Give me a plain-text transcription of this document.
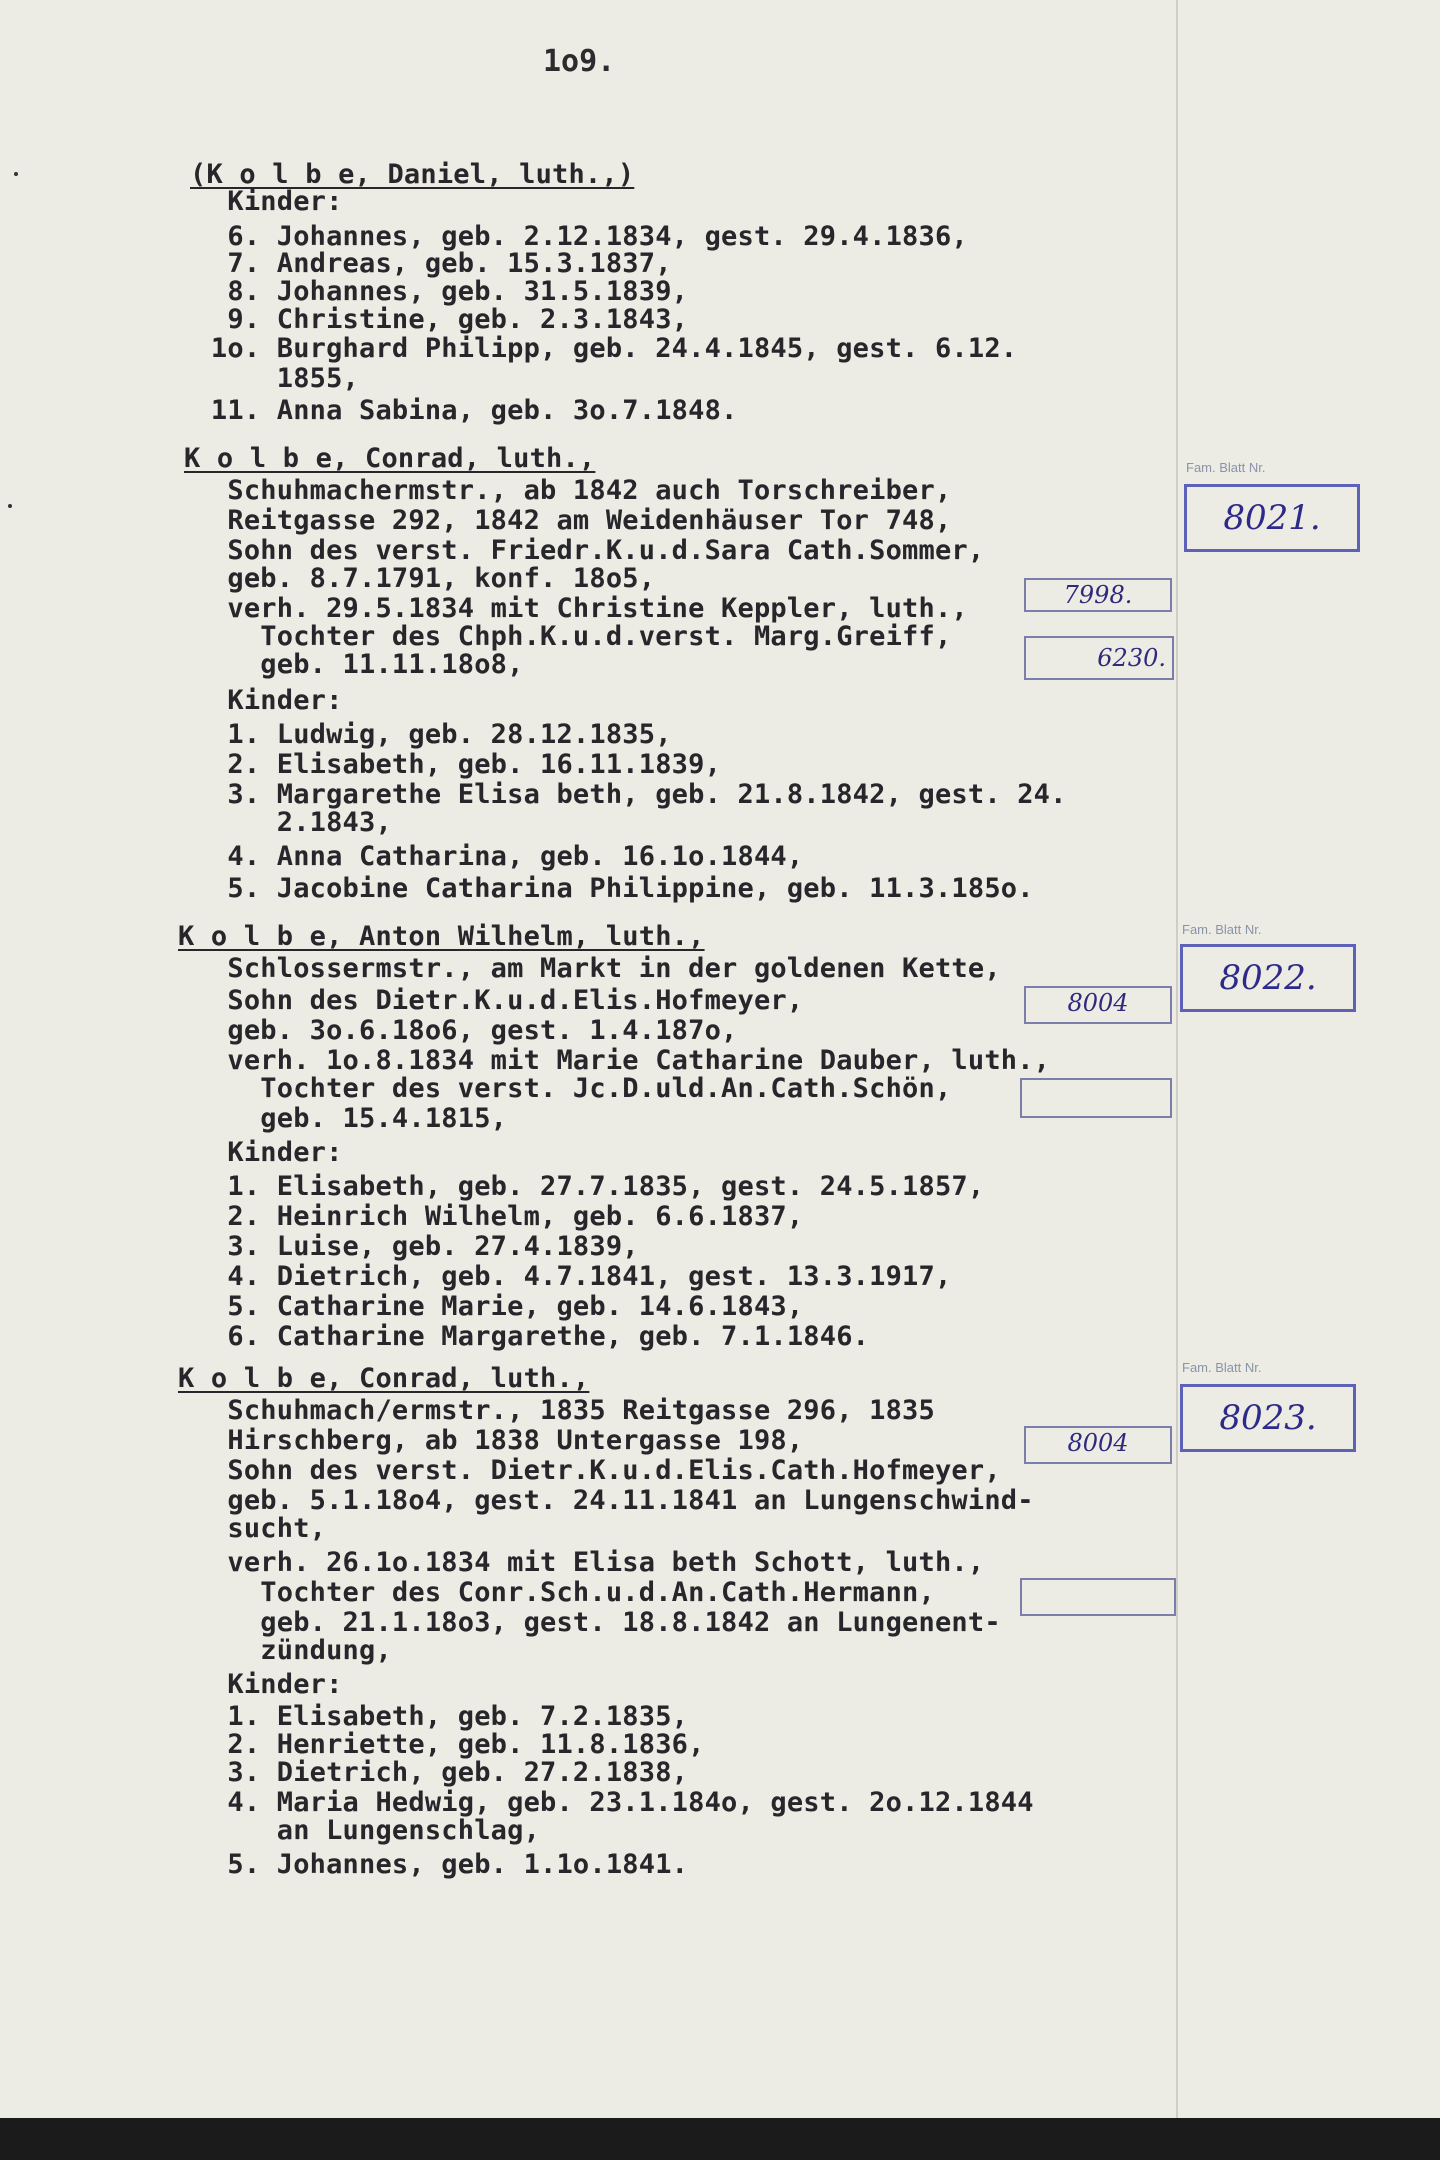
1o9.
(K o l b e, Daniel, luth.,)
Kinder:
6. Johannes, geb. 2.12.1834, gest. 29.4.1836,
7. Andreas, geb. 15.3.1837,
8. Johannes, geb. 31.5.1839,
9. Christine, geb. 2.3.1843,
1o. Burghard Philipp, geb. 24.4.1845, gest. 6.12.
1855,
11. Anna Sabina, geb. 3o.7.1848.
K o l b e, Conrad, luth.,
Schuhmachermstr., ab 1842 auch Torschreiber,
Reitgasse 292, 1842 am Weidenhäuser Tor 748,
Sohn des verst. Friedr.K.u.d.Sara Cath.Sommer,
geb. 8.7.1791, konf. 18o5,
verh. 29.5.1834 mit Christine Keppler, luth.,
Tochter des Chph.K.u.d.verst. Marg.Greiff,
geb. 11.11.18o8,
Kinder:
1. Ludwig, geb. 28.12.1835,
2. Elisabeth, geb. 16.11.1839,
3. Margarethe Elisa beth, geb. 21.8.1842, gest. 24.
2.1843,
4. Anna Catharina, geb. 16.1o.1844,
5. Jacobine Catharina Philippine, geb. 11.3.185o.
7998.
6230.
Fam. Blatt Nr.
8021.
K o l b e, Anton Wilhelm, luth.,
Schlossermstr., am Markt in der goldenen Kette,
Sohn des Dietr.K.u.d.Elis.Hofmeyer,
geb. 3o.6.18o6, gest. 1.4.187o,
verh. 1o.8.1834 mit Marie Catharine Dauber, luth.,
Tochter des verst. Jc.D.uld.An.Cath.Schön,
geb. 15.4.1815,
Kinder:
1. Elisabeth, geb. 27.7.1835, gest. 24.5.1857,
2. Heinrich Wilhelm, geb. 6.6.1837,
3. Luise, geb. 27.4.1839,
4. Dietrich, geb. 4.7.1841, gest. 13.3.1917,
5. Catharine Marie, geb. 14.6.1843,
6. Catharine Margarethe, geb. 7.1.1846.
8004
Fam. Blatt Nr.
8022.
K o l b e, Conrad, luth.,
Schuhmach/ermstr., 1835 Reitgasse 296, 1835
Hirschberg, ab 1838 Untergasse 198,
Sohn des verst. Dietr.K.u.d.Elis.Cath.Hofmeyer,
geb. 5.1.18o4, gest. 24.11.1841 an Lungenschwind-
sucht,
verh. 26.1o.1834 mit Elisa beth Schott, luth.,
Tochter des Conr.Sch.u.d.An.Cath.Hermann,
geb. 21.1.18o3, gest. 18.8.1842 an Lungenent-
zündung,
Kinder:
1. Elisabeth, geb. 7.2.1835,
2. Henriette, geb. 11.8.1836,
3. Dietrich, geb. 27.2.1838,
4. Maria Hedwig, geb. 23.1.184o, gest. 2o.12.1844
an Lungenschlag,
5. Johannes, geb. 1.1o.1841.
8004
Fam. Blatt Nr.
8023.
